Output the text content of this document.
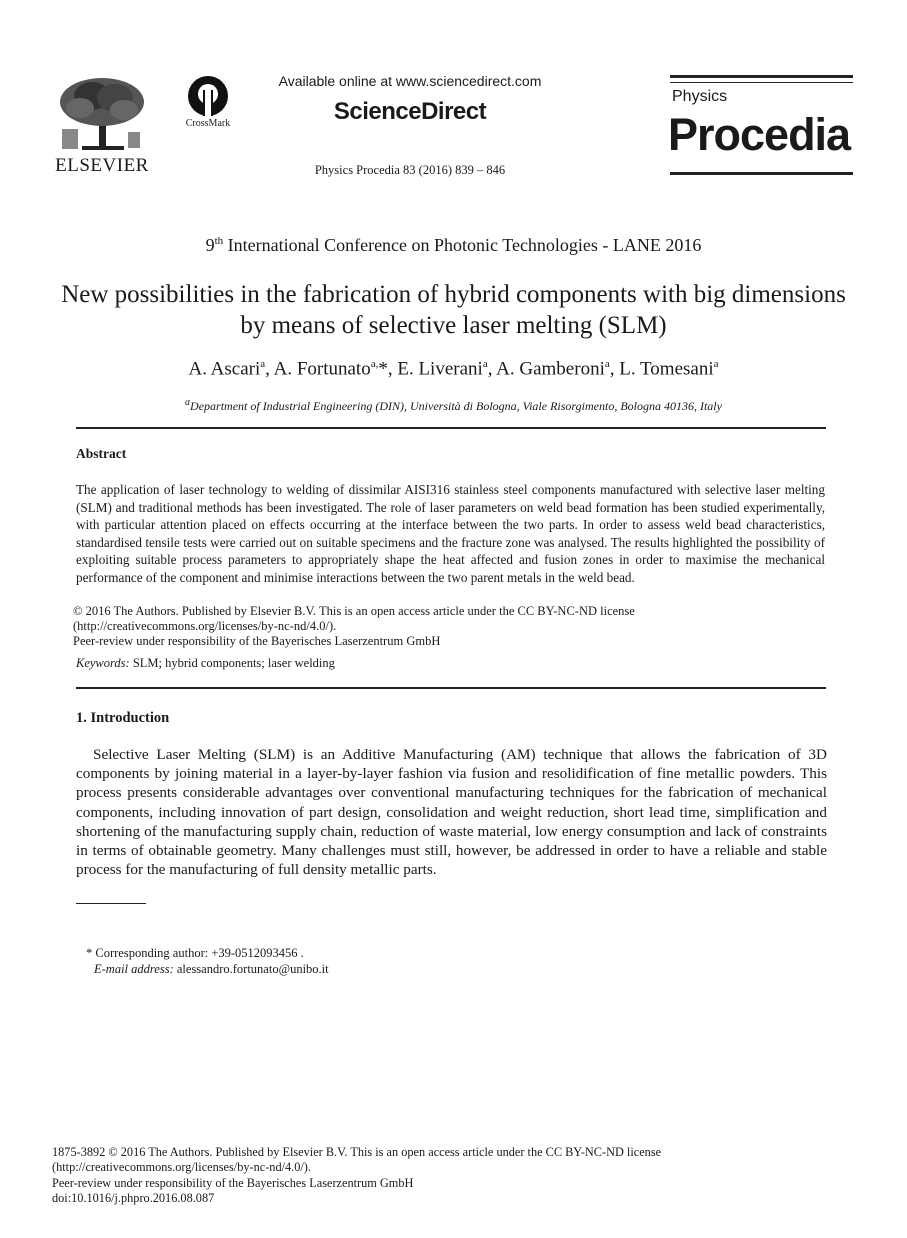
ELSEVIER
CrossMark
Available online at www.sciencedirect.com
ScienceDirect
Physics Procedia 83 (2016) 839 – 846
Physics
Procedia
9th International Conference on Photonic Technologies - LANE 2016
New possibilities in the fabrication of hybrid components with big dimensions by means of selective laser melting (SLM)
A. Ascari$^a$, A. Fortunato$^{a,}$*, E. Liverani$^a$, A. Gamberoni$^a$, L. Tomesani$^a$
$^a$Department of Industrial Engineering (DIN), Università di Bologna, Viale Risorgimento, Bologna 40136, Italy
Abstract
The application of laser technology to welding of dissimilar AISI316 stainless steel components manufactured with selective laser melting (SLM) and traditional methods has been investigated. The role of laser parameters on weld bead formation has been studied experimentally, with particular attention placed on effects occurring at the interface between the two parts. In order to assess weld bead characteristics, standardised tensile tests were carried out on suitable specimens and the fracture zone was analysed. The results highlighted the possibility of exploiting suitable process parameters to appropriately shape the heat affected and fusion zones in order to maximise the mechanical performance of the component and minimise interactions between the two parent metals in the weld bead.
© 2016 The Authors. Published by Elsevier B.V. This is an open access article under the CC BY-NC-ND license
(http://creativecommons.org/licenses/by-nc-nd/4.0/).
Peer-review under responsibility of the Bayerisches Laserzentrum GmbH
Keywords: SLM; hybrid components; laser welding
1. Introduction
Selective Laser Melting (SLM) is an Additive Manufacturing (AM) technique that allows the fabrication of 3D components by joining material in a layer-by-layer fashion via fusion and resolidification of fine metallic powders. This process presents considerable advantages over conventional manufacturing techniques for the fabrication of mechanical components, including innovation of part design, consolidation and weight reduction, short lead time, simplification and shortening of the manufacturing supply chain, reduction of waste material, low energy consumption and lack of constraints in terms of obtainable geometry. Many challenges must still, however, be addressed in order to have a reliable and stable process for the manufacturing of full density metallic parts.
* Corresponding author: +39-0512093456 .
E-mail address: alessandro.fortunato@unibo.it
1875-3892 © 2016 The Authors. Published by Elsevier B.V. This is an open access article under the CC BY-NC-ND license
(http://creativecommons.org/licenses/by-nc-nd/4.0/).
Peer-review under responsibility of the Bayerisches Laserzentrum GmbH
doi:10.1016/j.phpro.2016.08.087
